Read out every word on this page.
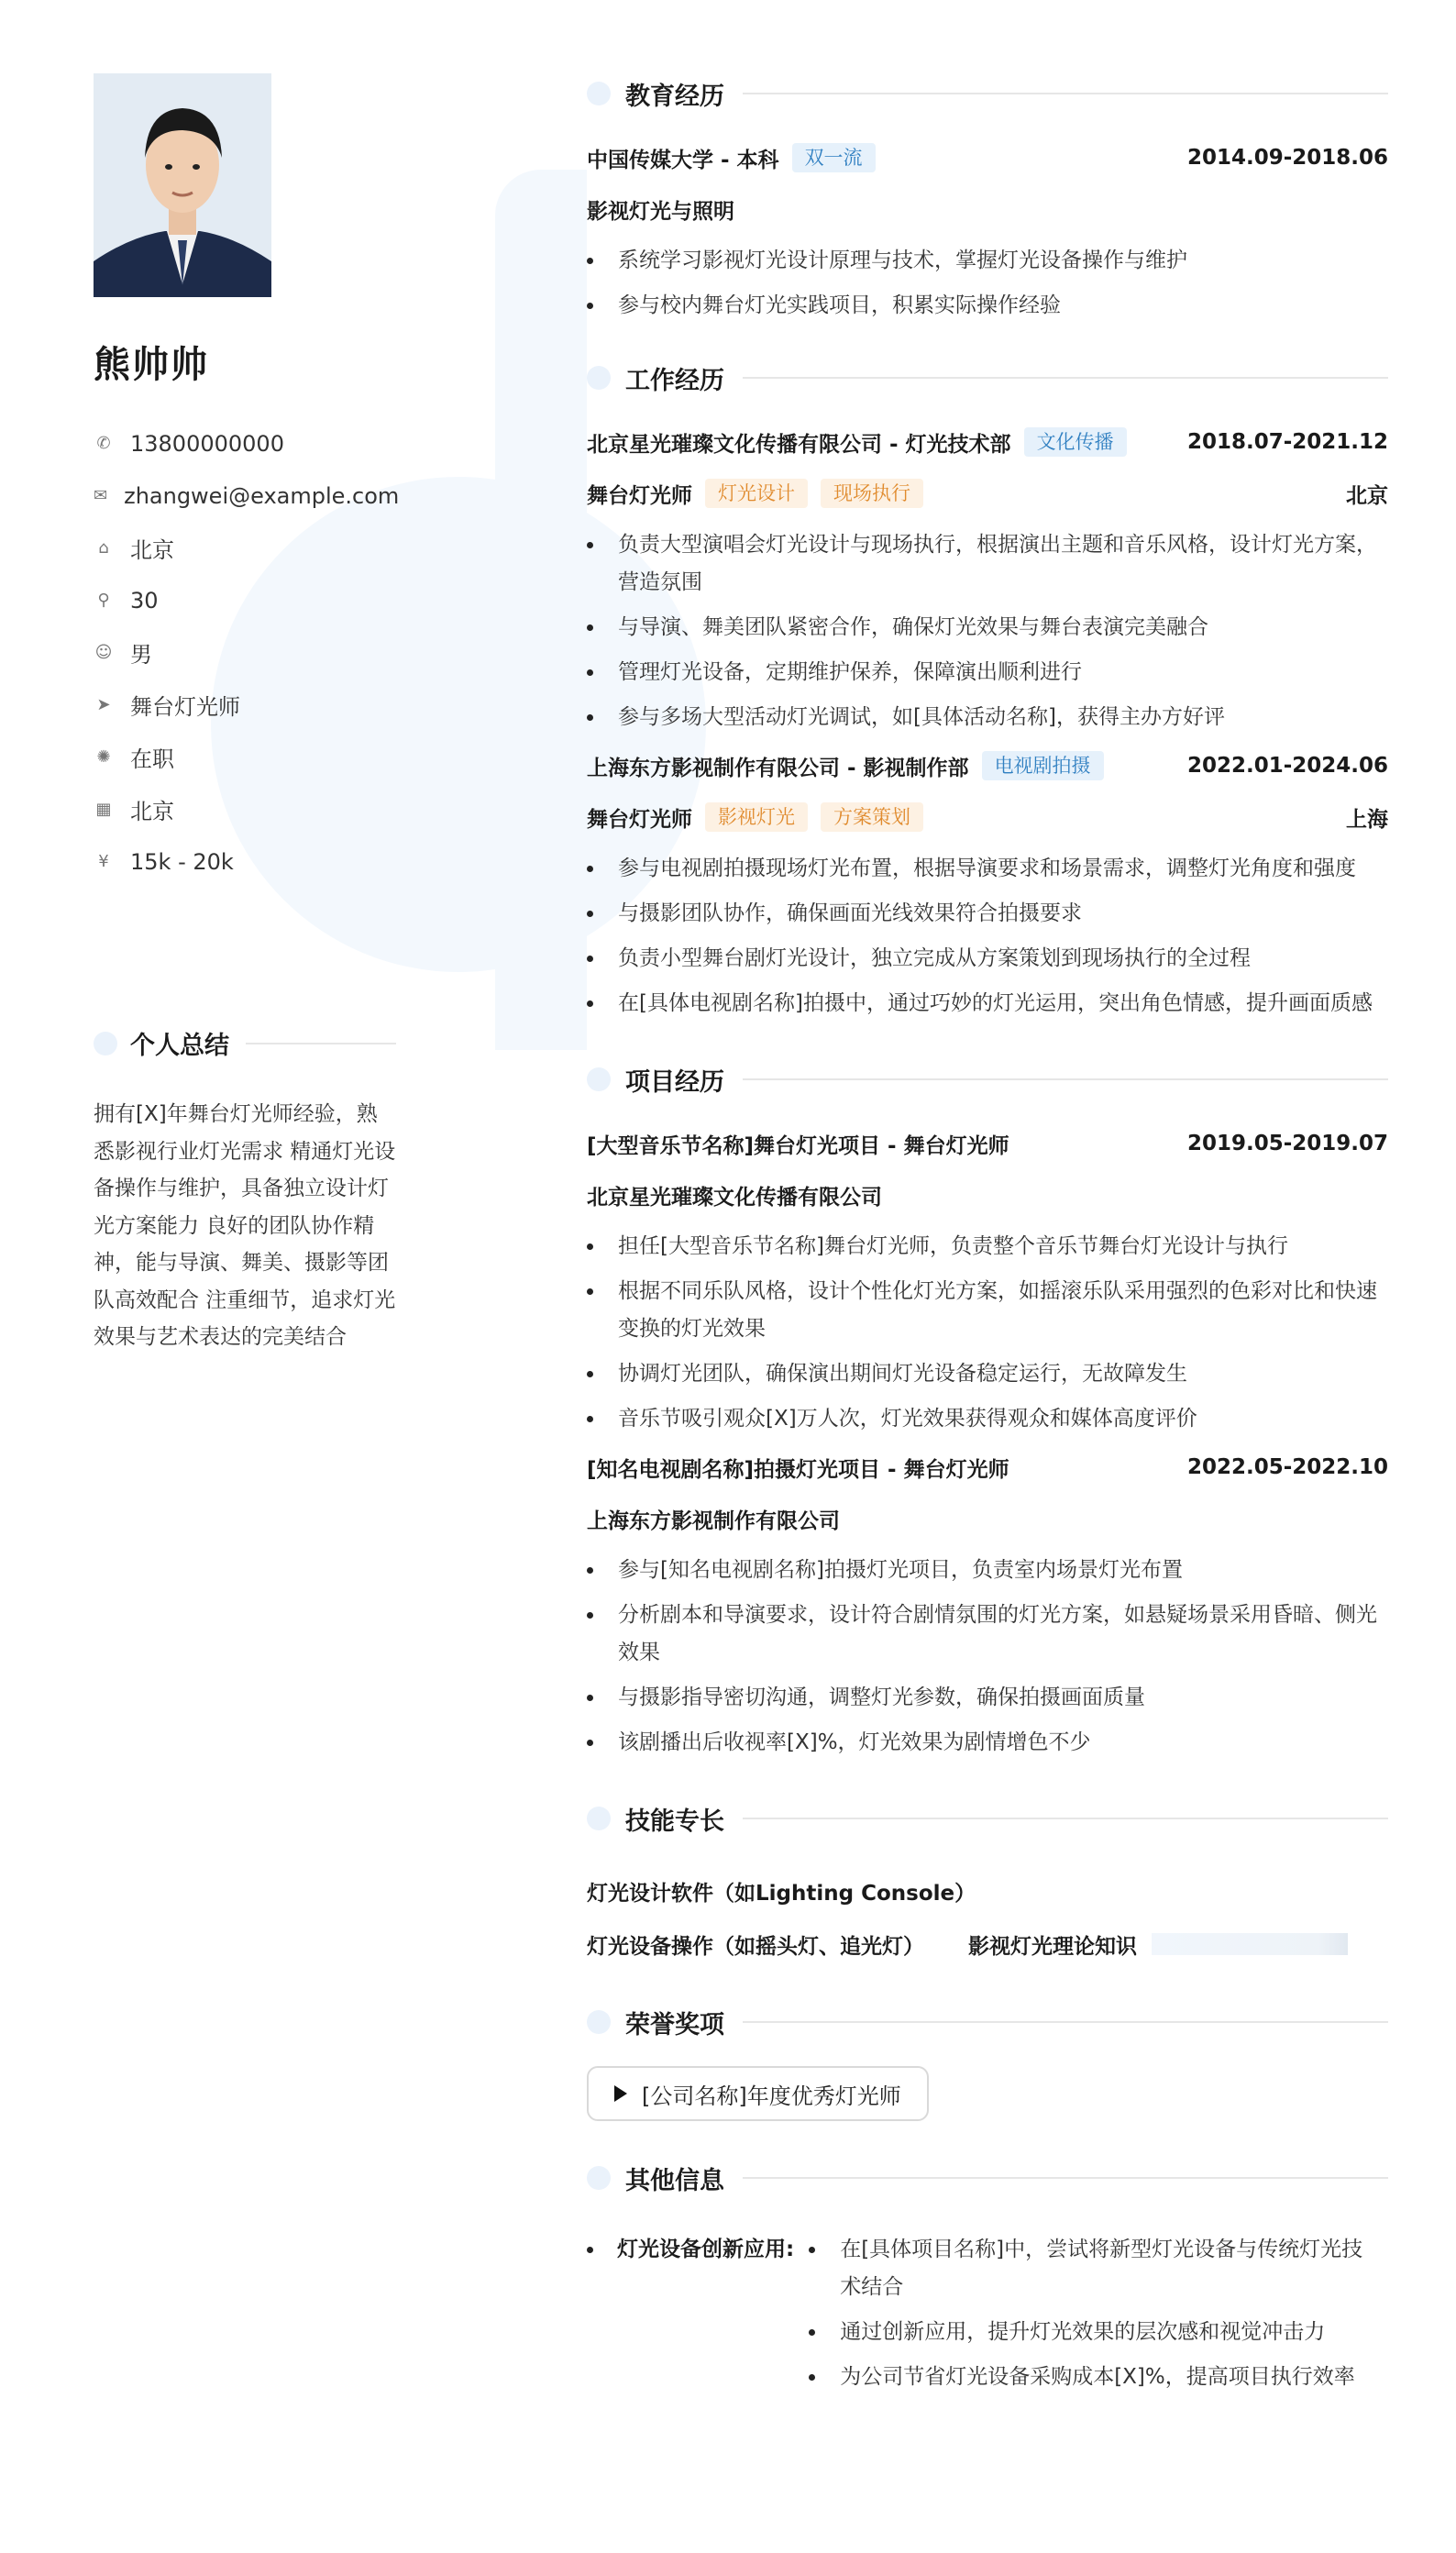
熊帅帅
✆ 13800000000
✉ zhangwei@example.com
⌂ 北京
⚲ 30
☺ 男
➤ 舞台灯光师
✺ 在职
▦ 北京
¥ 15k - 20k
个人总结
拥有[X]年舞台灯光师经验，熟悉影视行业灯光需求 精通灯光设备操作与维护，具备独立设计灯光方案能力 良好的团队协作精神，能与导演、舞美、摄影等团队高效配合 注重细节，追求灯光效果与艺术表达的完美结合
教育经历
中国传媒大学 - 本科	双一流	2014.09-2018.06
影视灯光与照明
系统学习影视灯光设计原理与技术，掌握灯光设备操作与维护
参与校内舞台灯光实践项目，积累实际操作经验
工作经历
北京星光璀璨文化传播有限公司 - 灯光技术部	文化传播	2018.07-2021.12
舞台灯光师	灯光设计	现场执行	北京
负责大型演唱会灯光设计与现场执行，根据演出主题和音乐风格，设计灯光方案，营造氛围
与导演、舞美团队紧密合作，确保灯光效果与舞台表演完美融合
管理灯光设备，定期维护保养，保障演出顺利进行
参与多场大型活动灯光调试，如[具体活动名称]，获得主办方好评
上海东方影视制作有限公司 - 影视制作部	电视剧拍摄	2022.01-2024.06
舞台灯光师	影视灯光	方案策划	上海
参与电视剧拍摄现场灯光布置，根据导演要求和场景需求，调整灯光角度和强度
与摄影团队协作，确保画面光线效果符合拍摄要求
负责小型舞台剧灯光设计，独立完成从方案策划到现场执行的全过程
在[具体电视剧名称]拍摄中，通过巧妙的灯光运用，突出角色情感，提升画面质感
项目经历
[大型音乐节名称]舞台灯光项目 - 舞台灯光师	2019.05-2019.07
北京星光璀璨文化传播有限公司
担任[大型音乐节名称]舞台灯光师，负责整个音乐节舞台灯光设计与执行
根据不同乐队风格，设计个性化灯光方案，如摇滚乐队采用强烈的色彩对比和快速变换的灯光效果
协调灯光团队，确保演出期间灯光设备稳定运行，无故障发生
音乐节吸引观众[X]万人次，灯光效果获得观众和媒体高度评价
[知名电视剧名称]拍摄灯光项目 - 舞台灯光师	2022.05-2022.10
上海东方影视制作有限公司
参与[知名电视剧名称]拍摄灯光项目，负责室内场景灯光布置
分析剧本和导演要求，设计符合剧情氛围的灯光方案，如悬疑场景采用昏暗、侧光效果
与摄影指导密切沟通，调整灯光参数，确保拍摄画面质量
该剧播出后收视率[X]%，灯光效果为剧情增色不少
技能专长
灯光设计软件（如Lighting Console）
灯光设备操作（如摇头灯、追光灯） 影视灯光理论知识
荣誉奖项
[公司名称]年度优秀灯光师
其他信息
灯光设备创新应用:	在[具体项目名称]中，尝试将新型灯光设备与传统灯光技术结合
通过创新应用，提升灯光效果的层次感和视觉冲击力
为公司节省灯光设备采购成本[X]%，提高项目执行效率
